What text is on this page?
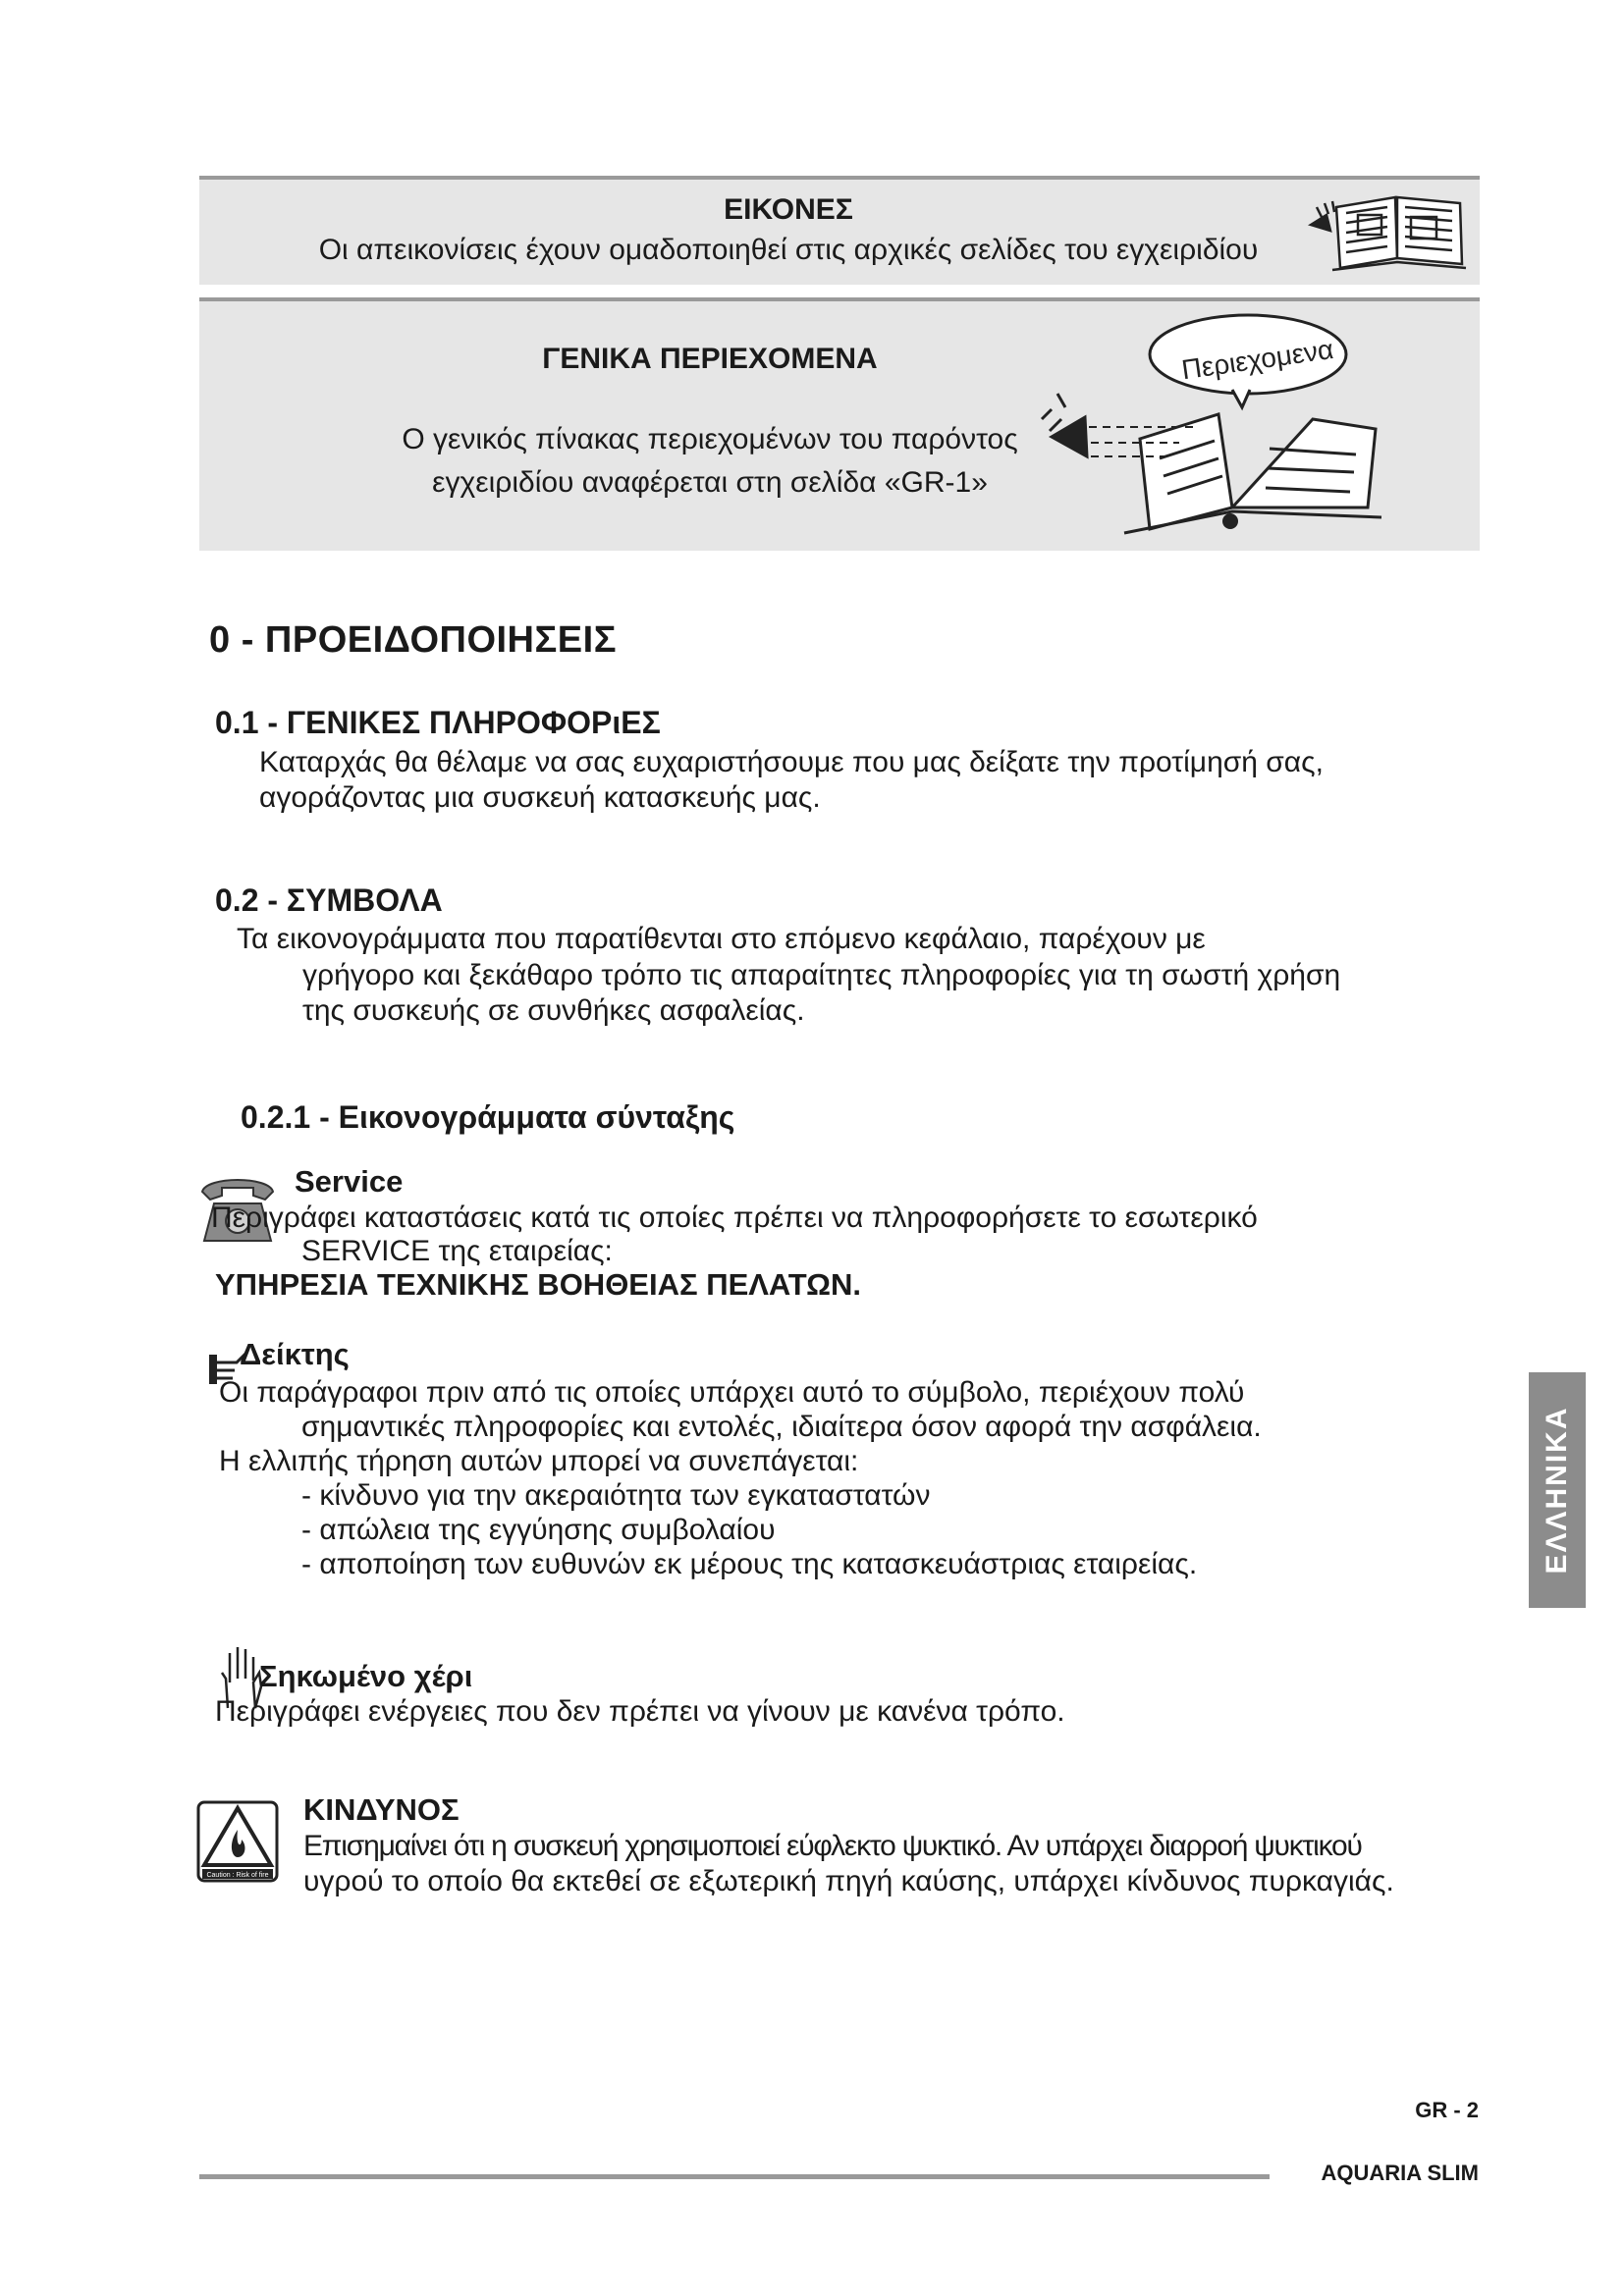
ΕΙΚΟΝΕΣ
Οι απεικονίσεις έχουν ομαδοποιηθεί στις αρχικές σελίδες του εγχειριδίου
ΓΕΝΙΚΑ ΠΕΡΙΕΧΟΜΕΝΑ
Ο γενικός πίνακας περιεχομένων του παρόντος
εγχειριδίου αναφέρεται στη σελίδα «GR-1»
Περιεχομενα
0 - ΠΡΟΕΙΔΟΠΟΙΗΣΕΙΣ
0.1 - ΓΕΝΙΚΕΣ ΠΛΗΡΟΦΟΡιΕΣ
Καταρχάς θα θέλαμε να σας ευχαριστήσουμε που μας δείξατε την προτίμησή σας,
αγοράζοντας μια συσκευή κατασκευής μας.
0.2 - ΣΥΜΒΟΛΑ
Τα εικονογράμματα που παρατίθενται στο επόμενο κεφάλαιο, παρέχουν με
γρήγορο και ξεκάθαρο τρόπο τις απαραίτητες πληροφορίες για τη σωστή χρήση
της συσκευής σε συνθήκες ασφαλείας.
0.2.1 - Εικονογράμματα σύνταξης
Service
Περιγράφει καταστάσεις κατά τις οποίες πρέπει να πληροφορήσετε το εσωτερικό
SERVICE της εταιρείας:
ΥΠΗΡΕΣΙΑ ΤΕΧΝΙΚΗΣ ΒΟΗΘΕΙΑΣ ΠΕΛΑΤΩΝ.
Δείκτης
Οι παράγραφοι πριν από τις οποίες υπάρχει αυτό το σύμβολο, περιέχουν πολύ
σημαντικές πληροφορίες και εντολές, ιδιαίτερα όσον αφορά την ασφάλεια.
Η ελλιπής τήρηση αυτών μπορεί να συνεπάγεται:
- κίνδυνο για την ακεραιότητα των εγκαταστατών
- απώλεια της εγγύησης συμβολαίου
- αποποίηση των ευθυνών εκ μέρους της κατασκευάστριας εταιρείας.
Σηκωμένο χέρι
Περιγράφει ενέργειες που δεν πρέπει να γίνουν με κανένα τρόπο.
Caution : Risk of fire
ΚΙΝΔΥΝΟΣ
Επισημαίνει ότι η συσκευή χρησιμοποιεί εύφλεκτο ψυκτικό. Αν υπάρχει διαρροή ψυκτικού
υγρού το οποίο θα εκτεθεί σε εξωτερική πηγή καύσης, υπάρχει κίνδυνος πυρκαγιάς.
ΕΛΛΗΝΙΚΑ
GR - 2
AQUARIA SLIM
